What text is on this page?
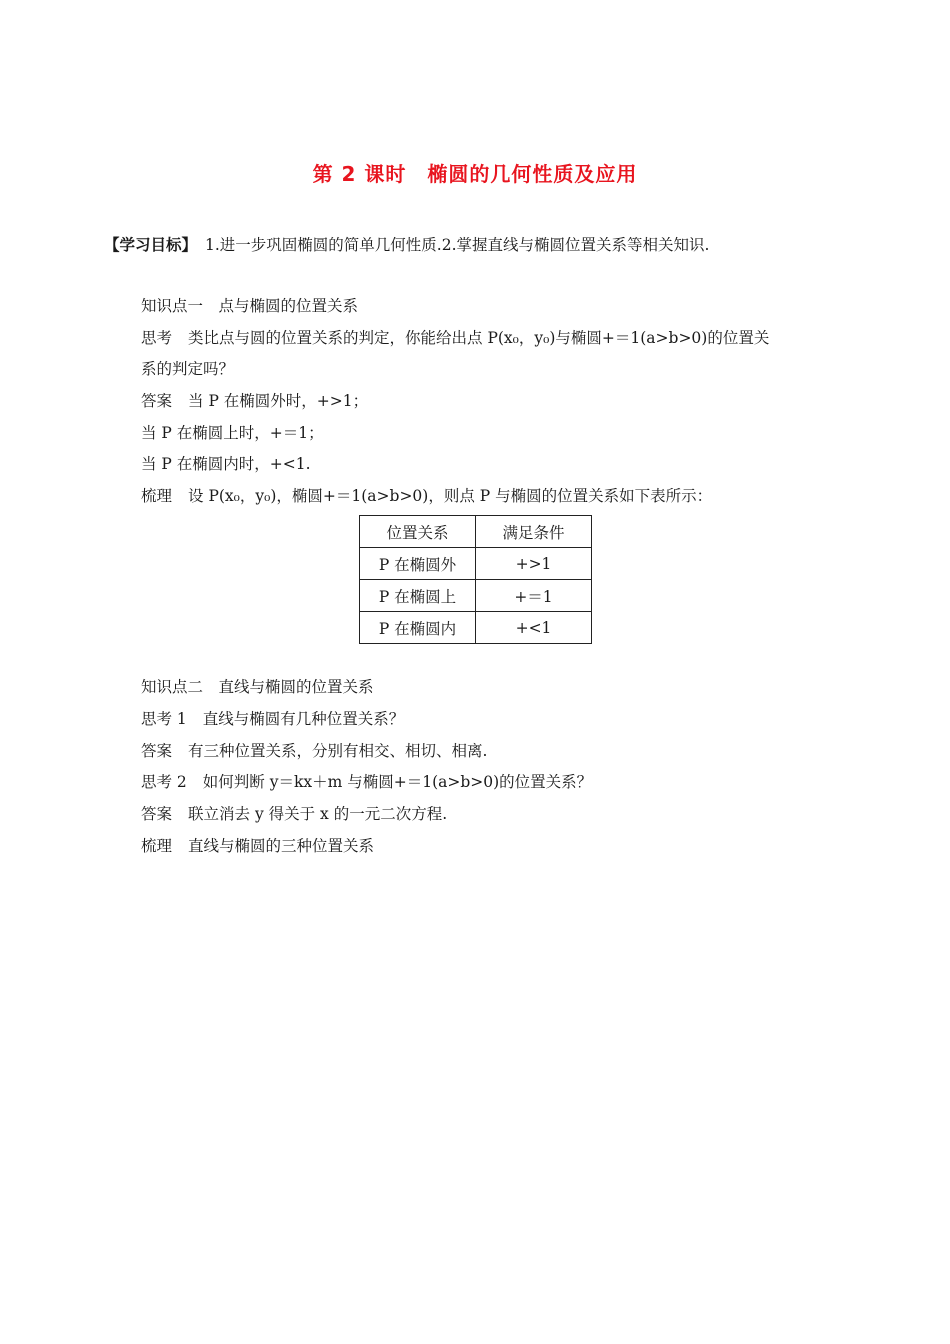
第 2 课时　椭圆的几何性质及应用
【学习目标】 1.进一步巩固椭圆的简单几何性质.2.掌握直线与椭圆位置关系等相关知识.
知识点一　点与椭圆的位置关系
思考 类比点与圆的位置关系的判定，你能给出点 P(x₀，y₀)与椭圆+＝1(a>b>0)的位置关
系的判定吗？
答案 当 P 在椭圆外时，+>1；
当 P 在椭圆上时，+＝1；
当 P 在椭圆内时，+<1.
梳理 设 P(x₀，y₀)，椭圆+＝1(a>b>0)，则点 P 与椭圆的位置关系如下表所示：
位置关系	满足条件
P 在椭圆外	+>1
P 在椭圆上	+＝1
P 在椭圆内	+<1
知识点二　直线与椭圆的位置关系
思考 1 直线与椭圆有几种位置关系？
答案 有三种位置关系，分别有相交、相切、相离.
思考 2 如何判断 y＝kx＋m 与椭圆+＝1(a>b>0)的位置关系？
答案 联立消去 y 得关于 x 的一元二次方程.
梳理 直线与椭圆的三种位置关系
